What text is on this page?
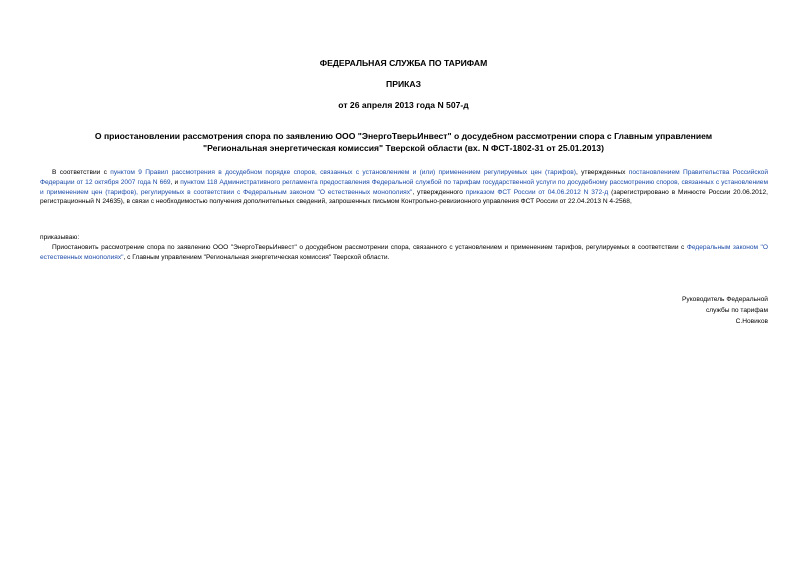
ФЕДЕРАЛЬНАЯ СЛУЖБА ПО ТАРИФАМ
ПРИКАЗ
от 26 апреля 2013 года N 507-д
О приостановлении рассмотрения спора по заявлению ООО "ЭнергоТверьИнвест" о досудебном рассмотрении спора с Главным управлением "Региональная энергетическая комиссия" Тверской области (вх. N ФСТ-1802-31 от 25.01.2013)
В соответствии с пунктом 9 Правил рассмотрения в досудебном порядке споров, связанных с установлением и (или) применением регулируемых цен (тарифов), утвержденных постановлением Правительства Российской Федерации от 12 октября 2007 года N 669, и пунктом 118 Административного регламента предоставления Федеральной службой по тарифам государственной услуги по досудебному рассмотрению споров, связанных с установлением и применением цен (тарифов), регулируемых в соответствии с Федеральным законом "О естественных монополиях", утвержденного приказом ФСТ России от 04.06.2012 N 372-д (зарегистрировано в Минюсте России 20.06.2012, регистрационный N 24635), в связи с необходимостью получения дополнительных сведений, запрошенных письмом Контрольно-ревизионного управления ФСТ России от 22.04.2013 N 4-2568,
приказываю:
Приостановить рассмотрение спора по заявлению ООО "ЭнергоТверьИнвест" о досудебном рассмотрении спора, связанного с установлением и применением тарифов, регулируемых в соответствии с Федеральным законом "О естественных монополиях", с Главным управлением "Региональная энергетическая комиссия" Тверской области.
Руководитель Федеральной
службы по тарифам
С.Новиков
